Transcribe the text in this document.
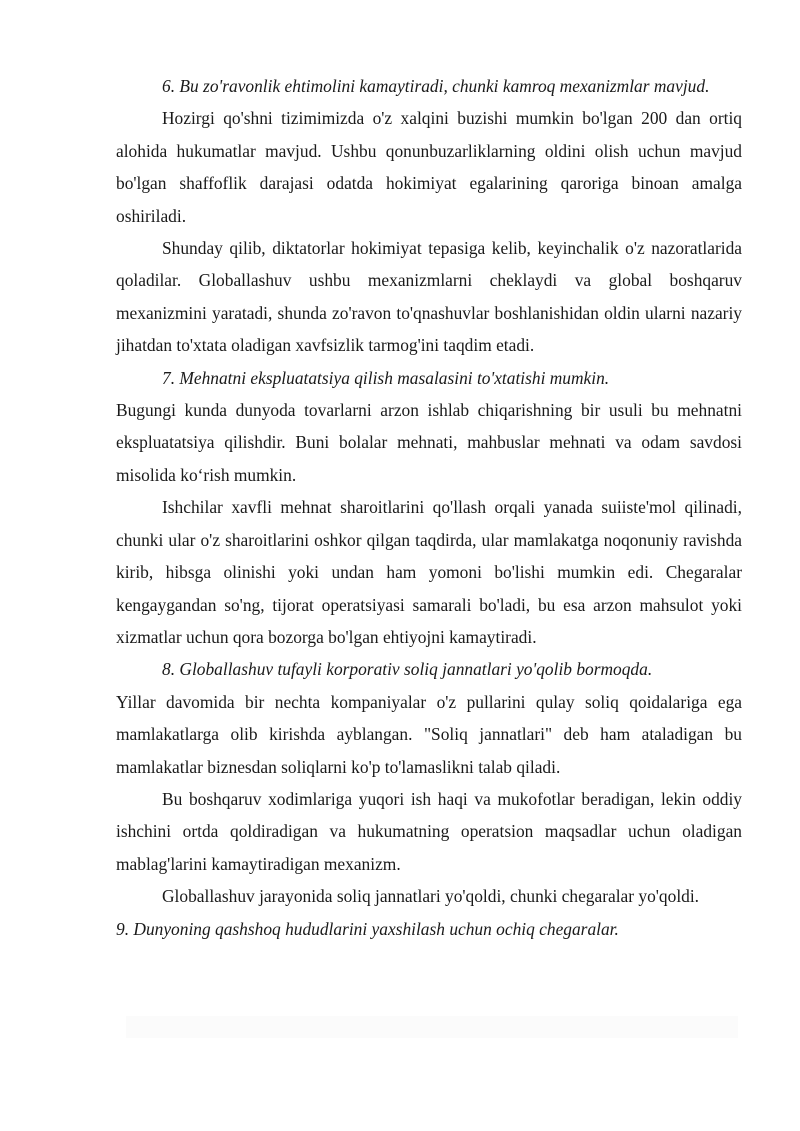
6. Bu zo'ravonlik ehtimolini kamaytiradi, chunki kamroq mexanizmlar mavjud.

Hozirgi qo'shni tizimimizda o'z xalqini buzishi mumkin bo'lgan 200 dan ortiq alohida hukumatlar mavjud. Ushbu qonunbuzarliklarning oldini olish uchun mavjud bo'lgan shaffoflik darajasi odatda hokimiyat egalarining qaroriga binoan amalga oshiriladi.

Shunday qilib, diktatorlar hokimiyat tepasiga kelib, keyinchalik o'z nazoratlarida qoladilar. Globallashuv ushbu mexanizmlarni cheklaydi va global boshqaruv mexanizmini yaratadi, shunda zo'ravon to'qnashuvlar boshlanishidan oldin ularni nazariy jihatdan to'xtata oladigan xavfsizlik tarmog'ini taqdim etadi.

7. Mehnatni ekspluatatsiya qilish masalasini to'xtatishi mumkin.

Bugungi kunda dunyoda tovarlarni arzon ishlab chiqarishning bir usuli bu mehnatni ekspluatatsiya qilishdir. Buni bolalar mehnati, mahbuslar mehnati va odam savdosi misolida koʻrish mumkin.

Ishchilar xavfli mehnat sharoitlarini qo'llash orqali yanada suiiste'mol qilinadi, chunki ular o'z sharoitlarini oshkor qilgan taqdirda, ular mamlakatga noqonuniy ravishda kirib, hibsga olinishi yoki undan ham yomoni bo'lishi mumkin edi. Chegaralar kengaygandan so'ng, tijorat operatsiyasi samarali bo'ladi, bu esa arzon mahsulot yoki xizmatlar uchun qora bozorga bo'lgan ehtiyojni kamaytiradi.

8. Globallashuv tufayli korporativ soliq jannatlari yo'qolib bormoqda.

Yillar davomida bir nechta kompaniyalar o'z pullarini qulay soliq qoidalariga ega mamlakatlarga olib kirishda ayblangan. "Soliq jannatlari" deb ham ataladigan bu mamlakatlar biznesdan soliqlarni ko'p to'lamaslikni talab qiladi.

Bu boshqaruv xodimlariga yuqori ish haqi va mukofotlar beradigan, lekin oddiy ishchini ortda qoldiradigan va hukumatning operatsion maqsadlar uchun oladigan mablag'larini kamaytiradigan mexanizm.

Globallashuv jarayonida soliq jannatlari yo'qoldi, chunki chegaralar yo'qoldi.

9. Dunyoning qashshoq hududlarini yaxshilash uchun ochiq chegaralar.
